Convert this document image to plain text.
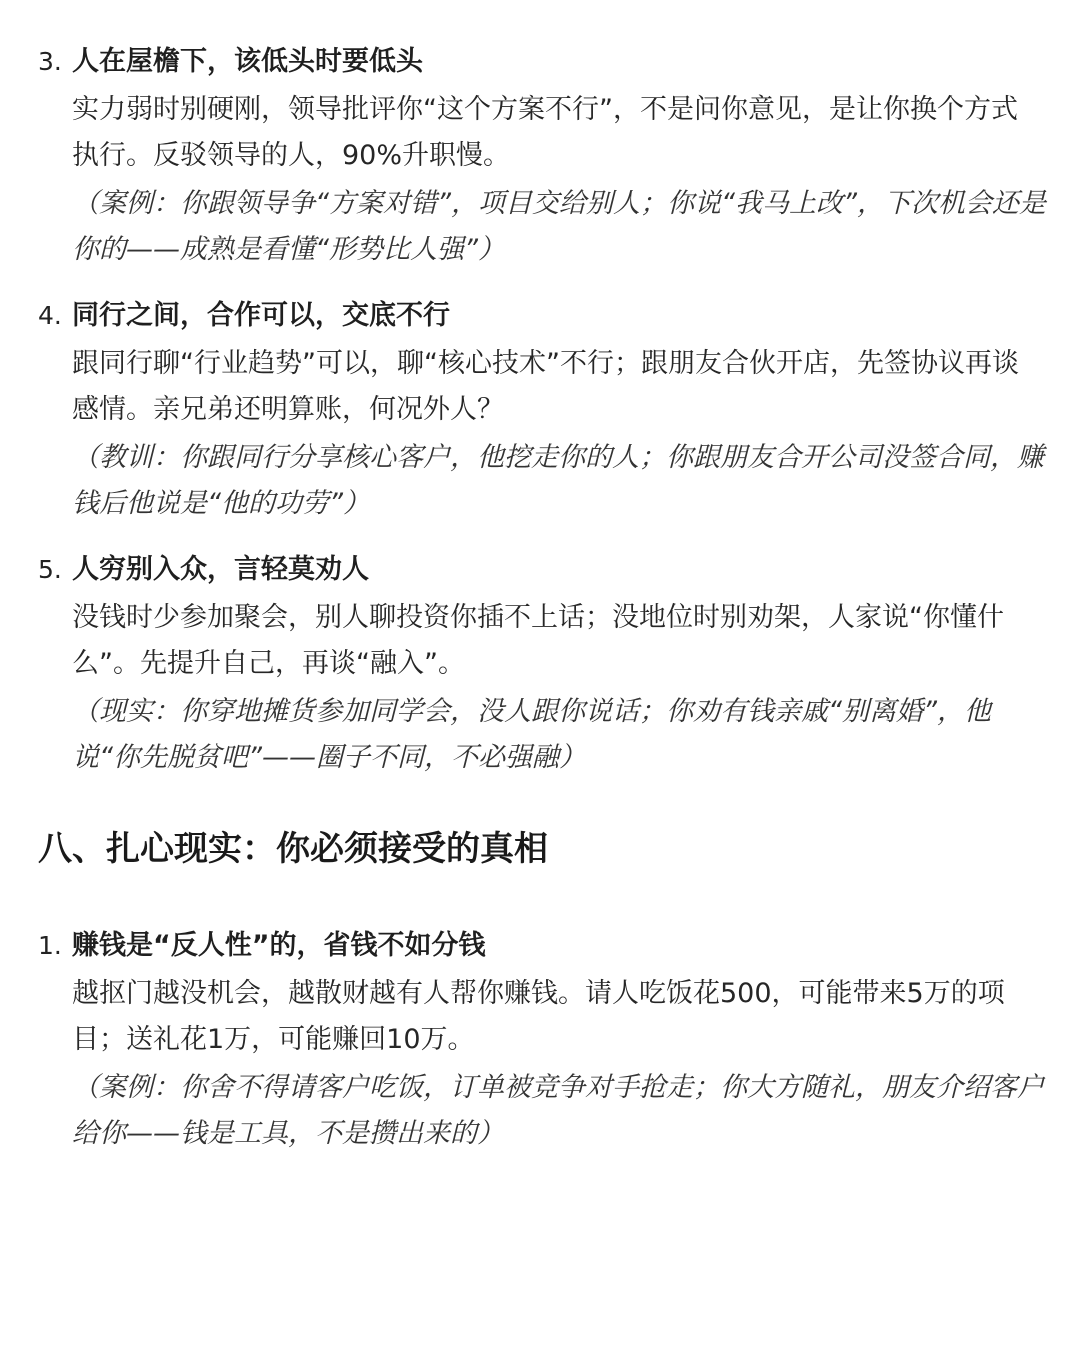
3. 人在屋檐下，该低头时要低头
实力弱时别硬刚，领导批评你“这个方案不行”，不是问你意见，是让你换个方式执行。反驳领导的人，90%升职慢。
（案例：你跟领导争“方案对错”，项目交给别人；你说“我马上改”，下次机会还是你的——成熟是看懂“形势比人强”）
4. 同行之间，合作可以，交底不行
跟同行聊“行业趋势”可以，聊“核心技术”不行；跟朋友合伙开店，先签协议再谈感情。亲兄弟还明算账，何况外人？
（教训：你跟同行分享核心客户，他挖走你的人；你跟朋友合开公司没签合同，赚钱后他说是“他的功劳”）
5. 人穷别入众，言轻莫劝人
没钱时少参加聚会，别人聊投资你插不上话；没地位时别劝架，人家说“你懂什么”。先提升自己，再谈“融入”。
（现实：你穿地摊货参加同学会，没人跟你说话；你劝有钱亲戚“别离婚”，他说“你先脱贫吧”——圈子不同，不必强融）
八、扎心现实：你必须接受的真相
1. 赚钱是“反人性”的，省钱不如分钱
越抠门越没机会，越散财越有人帮你赚钱。请人吃饭花500，可能带来5万的项目；送礼花1万，可能赚回10万。
（案例：你舍不得请客户吃饭，订单被竞争对手抢走；你大方随礼，朋友介绍客户给你——钱是工具，不是攒出来的）
